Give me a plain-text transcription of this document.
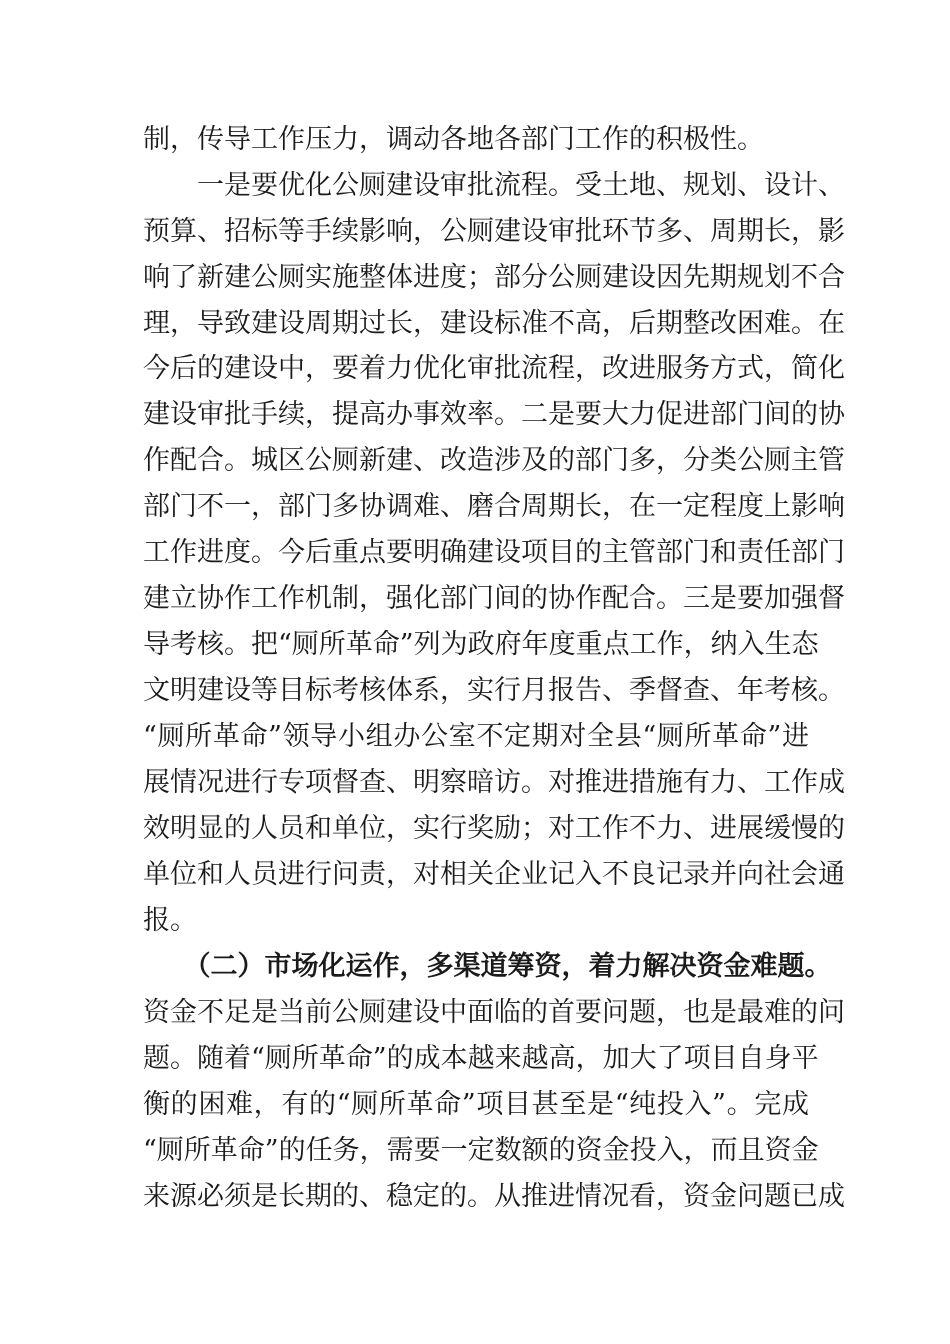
制，传导工作压力，调动各地各部门工作的积极性。
　　一是要优化公厕建设审批流程。受土地、规划、设计、
预算、招标等手续影响，公厕建设审批环节多、周期长，影
响了新建公厕实施整体进度；部分公厕建设因先期规划不合
理，导致建设周期过长，建设标准不高，后期整改困难。在
今后的建设中，要着力优化审批流程，改进服务方式，简化
建设审批手续，提高办事效率。二是要大力促进部门间的协
作配合。城区公厕新建、改造涉及的部门多，分类公厕主管
部门不一，部门多协调难、磨合周期长，在一定程度上影响
工作进度。今后重点要明确建设项目的主管部门和责任部门
建立协作工作机制，强化部门间的协作配合。三是要加强督
导考核。把“厕所革命”列为政府年度重点工作，纳入生态
文明建设等目标考核体系，实行月报告、季督查、年考核。
“厕所革命”领导小组办公室不定期对全县“厕所革命”进
展情况进行专项督查、明察暗访。对推进措施有力、工作成
效明显的人员和单位，实行奖励；对工作不力、进展缓慢的
单位和人员进行问责，对相关企业记入不良记录并向社会通
报。
　　（二）市场化运作，多渠道筹资，着力解决资金难题。
资金不足是当前公厕建设中面临的首要问题，也是最难的问
题。随着“厕所革命”的成本越来越高，加大了项目自身平
衡的困难，有的“厕所革命”项目甚至是“纯投入”。完成
“厕所革命”的任务，需要一定数额的资金投入，而且资金
来源必须是长期的、稳定的。从推进情况看，资金问题已成
